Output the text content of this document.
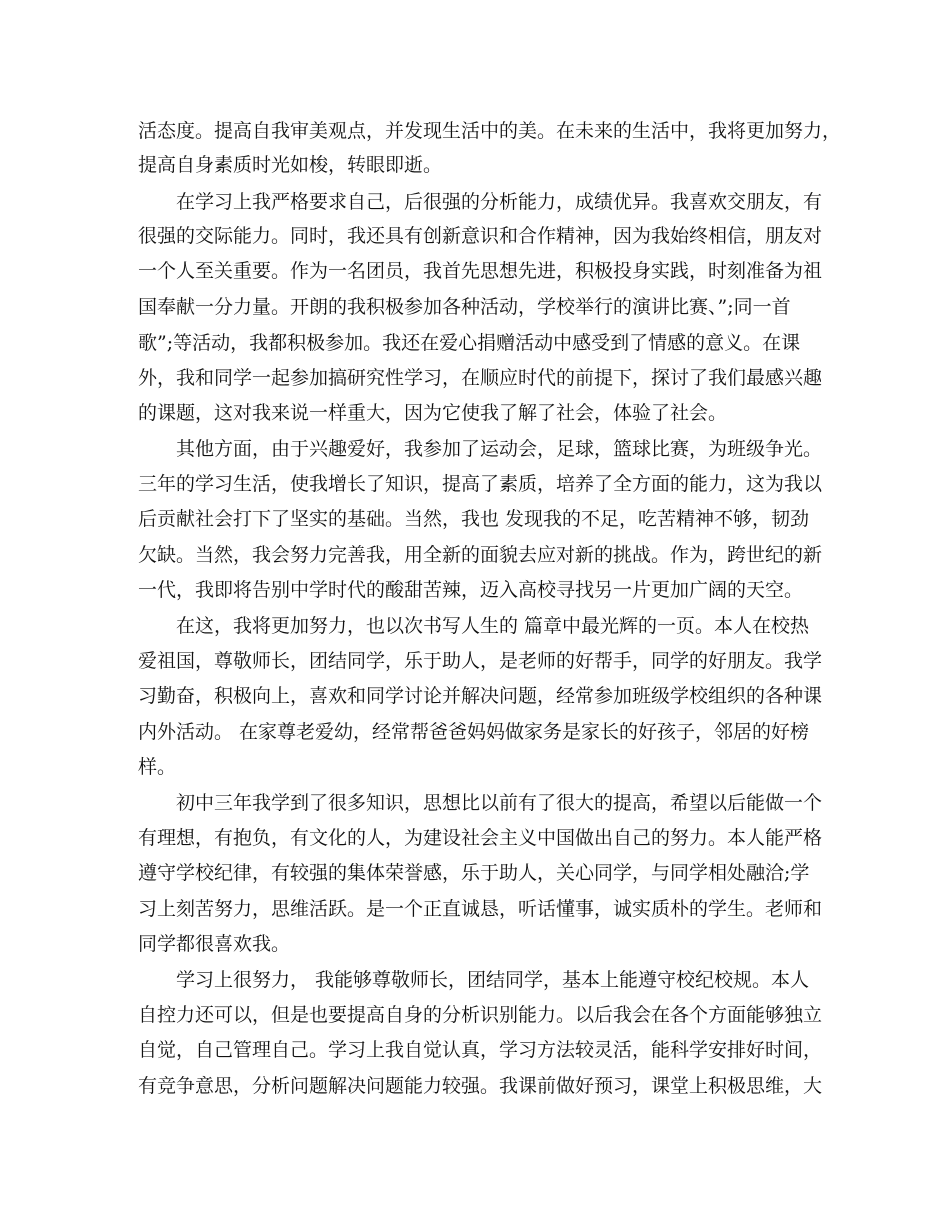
活态度。提高自我审美观点，并发现生活中的美。在未来的生活中，我将更加努力，
提高自身素质时光如梭，转眼即逝。
在学习上我严格要求自己，后很强的分析能力，成绩优异。我喜欢交朋友，有
很强的交际能力。同时，我还具有创新意识和合作精神，因为我始终相信，朋友对
一个人至关重要。作为一名团员，我首先思想先进，积极投身实践，时刻准备为祖
国奉献一分力量。开朗的我积极参加各种活动，学校举行的演讲比赛、”;同一首
歌”;等活动，我都积极参加。我还在爱心捐赠活动中感受到了情感的意义。在课
外，我和同学一起参加搞研究性学习，在顺应时代的前提下，探讨了我们最感兴趣
的课题，这对我来说一样重大，因为它使我了解了社会，体验了社会。
其他方面，由于兴趣爱好，我参加了运动会，足球，篮球比赛，为班级争光。
三年的学习生活，使我增长了知识，提高了素质，培养了全方面的能力，这为我以
后贡献社会打下了坚实的基础。当然，我也 发现我的不足，吃苦精神不够，韧劲
欠缺。当然，我会努力完善我，用全新的面貌去应对新的挑战。作为，跨世纪的新
一代，我即将告别中学时代的酸甜苦辣，迈入高校寻找另一片更加广阔的天空。
在这，我将更加努力，也以次书写人生的 篇章中最光辉的一页。本人在校热
爱祖国，尊敬师长，团结同学，乐于助人，是老师的好帮手，同学的好朋友。我学
习勤奋，积极向上，喜欢和同学讨论并解决问题，经常参加班级学校组织的各种课
内外活动。 在家尊老爱幼，经常帮爸爸妈妈做家务是家长的好孩子，邻居的好榜
样。
初中三年我学到了很多知识，思想比以前有了很大的提高，希望以后能做一个
有理想，有抱负，有文化的人，为建设社会主义中国做出自己的努力。本人能严格
遵守学校纪律，有较强的集体荣誉感，乐于助人，关心同学，与同学相处融洽;学
习上刻苦努力，思维活跃。是一个正直诚恳，听话懂事，诚实质朴的学生。老师和
同学都很喜欢我。
学习上很努力， 我能够尊敬师长，团结同学，基本上能遵守校纪校规。本人
自控力还可以，但是也要提高自身的分析识别能力。以后我会在各个方面能够独立
自觉，自己管理自己。学习上我自觉认真，学习方法较灵活，能科学安排好时间，
有竞争意思，分析问题解决问题能力较强。我课前做好预习，课堂上积极思维，大
